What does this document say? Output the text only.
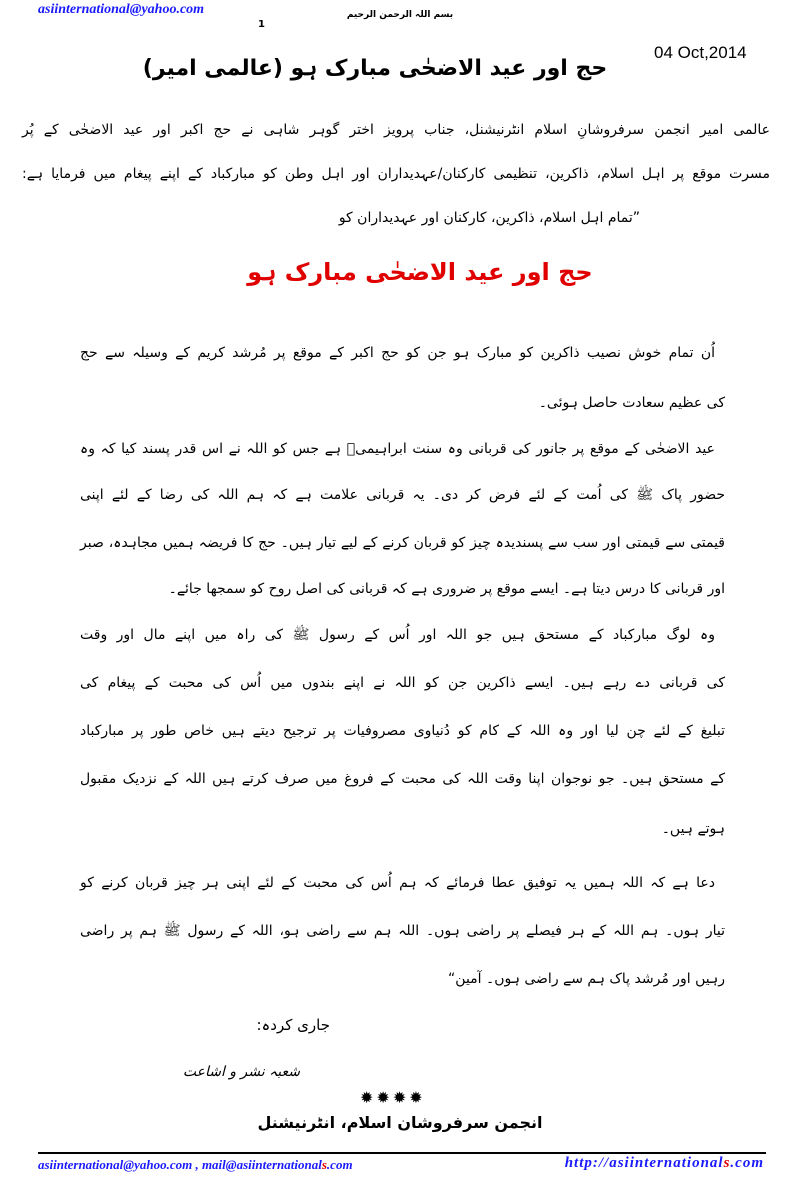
asiinternational@yahoo.com	بسم اللہ الرحمن الرحیم
1
04 Oct,2014
حج اور عید الاضحٰی مبارک ہو (عالمی امیر)
عالمی امیر انجمن سرفروشانِ اسلام انٹرنیشنل، جناب پرویز اختر گوہر شاہی نے حج اکبر اور عید الاضحٰی کے پُر
مسرت موقع پر اہل اسلام، ذاکرین، تنظیمی کارکنان/عہدیداران اور اہل وطن کو مبارکباد کے اپنے پیغام میں فرمایا ہے:
”تمام اہل اسلام، ذاکرین، کارکنان اور عہدیداران کو
حج اور عید الاضحٰی مبارک ہو
اُن تمام خوش نصیب ذاکرین کو مبارک ہو جن کو حج اکبر کے موقع پر مُرشد کریم کے وسیلہ سے حج
کی عظیم سعادت حاصل ہوئی۔
عید الاضحٰی کے موقع پر جانور کی قربانی وہ سنت ابراہیمیؑ ہے جس کو اللہ نے اس قدر پسند کیا کہ وہ
حضور پاک ﷺ کی اُمت کے لئے فرض کر دی۔ یہ قربانی علامت ہے کہ ہم اللہ کی رضا کے لئے اپنی
قیمتی سے قیمتی اور سب سے پسندیدہ چیز کو قربان کرنے کے لیے تیار ہیں۔ حج کا فریضہ ہمیں مجاہدہ، صبر
اور قربانی کا درس دیتا ہے۔ ایسے موقع پر ضروری ہے کہ قربانی کی اصل روح کو سمجھا جائے۔
وہ لوگ مبارکباد کے مستحق ہیں جو اللہ اور اُس کے رسول ﷺ کی راہ میں اپنے مال اور وقت
کی قربانی دے رہے ہیں۔ ایسے ذاکرین جن کو اللہ نے اپنے بندوں میں اُس کی محبت کے پیغام کی
تبلیغ کے لئے چن لیا اور وہ اللہ کے کام کو دُنیاوی مصروفیات پر ترجیح دیتے ہیں خاص طور پر مبارکباد
کے مستحق ہیں۔ جو نوجوان اپنا وقت اللہ کی محبت کے فروغ میں صرف کرتے ہیں اللہ کے نزدیک مقبول
ہوتے ہیں۔
دعا ہے کہ اللہ ہمیں یہ توفیق عطا فرمائے کہ ہم اُس کی محبت کے لئے اپنی ہر چیز قربان کرنے کو
تیار ہوں۔ ہم اللہ کے ہر فیصلے پر راضی ہوں۔ اللہ ہم سے راضی ہو، اللہ کے رسول ﷺ ہم پر راضی
رہیں اور مُرشد پاک ہم سے راضی ہوں۔ آمین“
جاری کردہ:
شعبہ نشر و اشاعت
✹ ✹ ✹ ✹
انجمن سرفروشان اسلام، انٹرنیشنل
asiinternational@yahoo.com , mail@asiinternationals.com	http://asiinternationals.com
